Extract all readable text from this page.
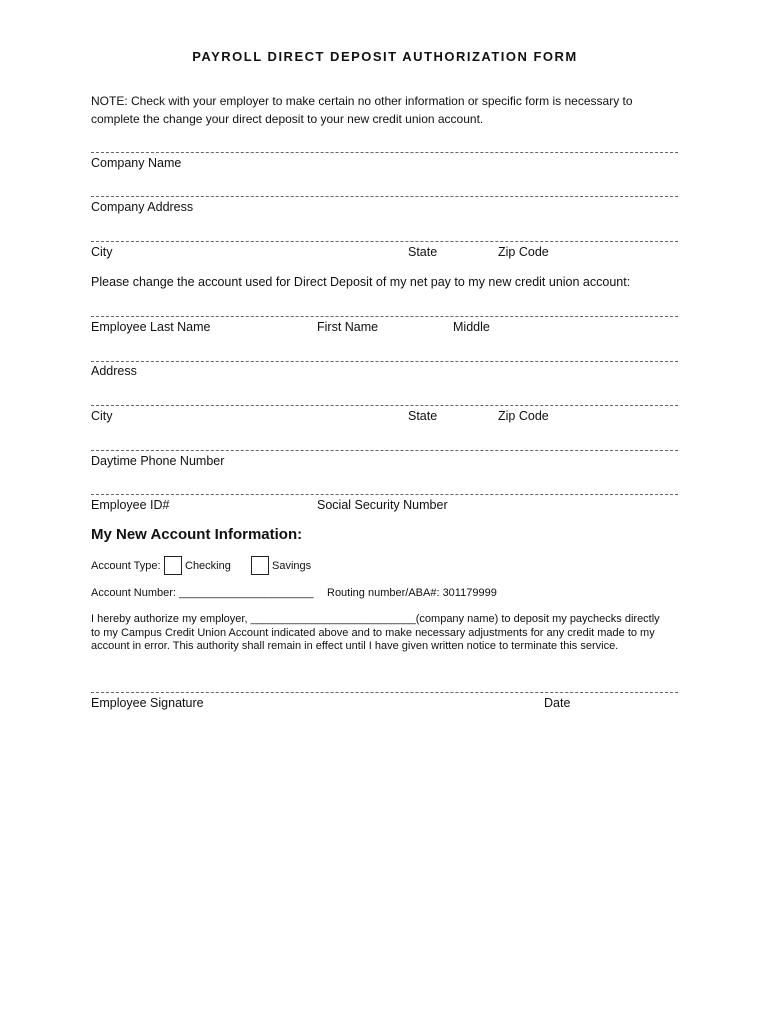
PAYROLL DIRECT DEPOSIT AUTHORIZATION FORM
NOTE: Check with your employer to make certain no other information or specific form is necessary to
complete the change your direct deposit to your new credit union account.
Company Name
Company Address
City	State	Zip Code
Please change the account used for Direct Deposit of my net pay to my new credit union account:
Employee Last Name	First Name	Middle
Address
City	State	Zip Code
Daytime Phone Number
Employee ID#	Social Security Number
My New Account Information:
Account Type: Checking	Savings
Account Number: ______________________ Routing number/ABA#: 301179999
I hereby authorize my employer, ___________________________(company name) to deposit my paychecks directly
to my Campus Credit Union Account indicated above and to make necessary adjustments for any credit made to my
account in error. This authority shall remain in effect until I have given written notice to terminate this service.
Employee Signature	Date
